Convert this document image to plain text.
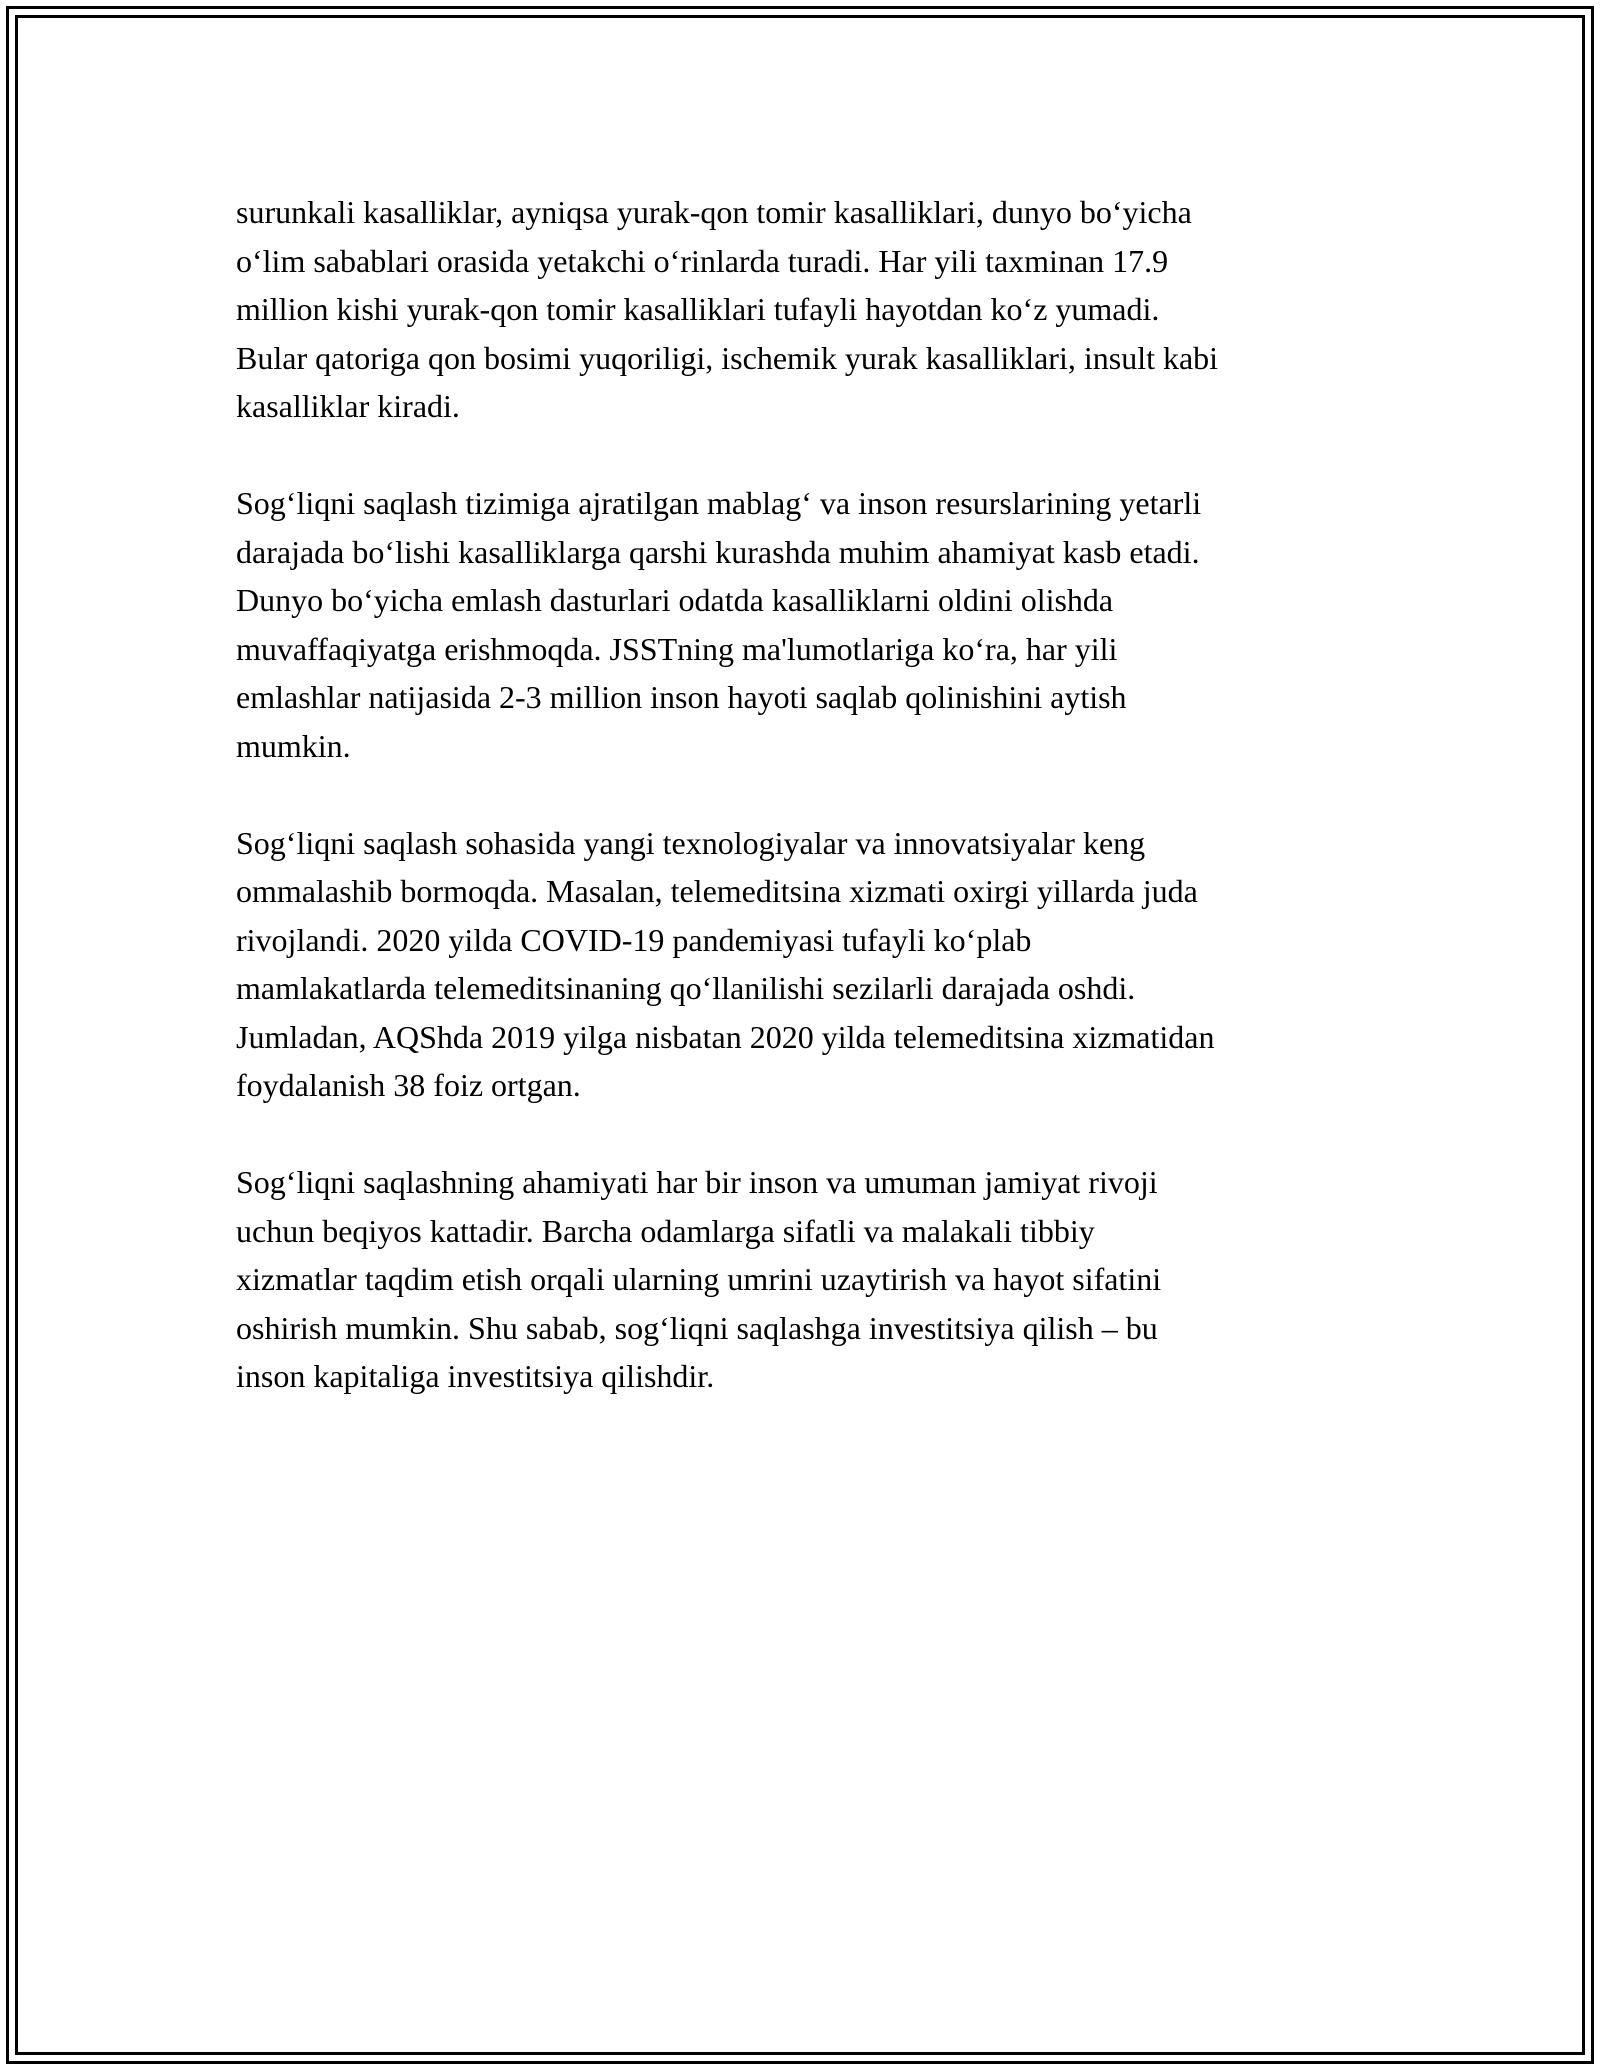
surunkali kasalliklar, ayniqsa yurak-qon tomir kasalliklari, dunyo bo‘yicha
o‘lim sabablari orasida yetakchi o‘rinlarda turadi. Har yili taxminan 17.9
million kishi yurak-qon tomir kasalliklari tufayli hayotdan ko‘z yumadi.
Bular qatoriga qon bosimi yuqoriligi, ischemik yurak kasalliklari, insult kabi
kasalliklar kiradi.

Sog‘liqni saqlash tizimiga ajratilgan mablag‘ va inson resurslarining yetarli
darajada bo‘lishi kasalliklarga qarshi kurashda muhim ahamiyat kasb etadi.
Dunyo bo‘yicha emlash dasturlari odatda kasalliklarni oldini olishda
muvaffaqiyatga erishmoqda. JSSTning ma'lumotlariga ko‘ra, har yili
emlashlar natijasida 2-3 million inson hayoti saqlab qolinishini aytish
mumkin.

Sog‘liqni saqlash sohasida yangi texnologiyalar va innovatsiyalar keng
ommalashib bormoqda. Masalan, telemeditsina xizmati oxirgi yillarda juda
rivojlandi. 2020 yilda COVID-19 pandemiyasi tufayli ko‘plab
mamlakatlarda telemeditsinaning qo‘llanilishi sezilarli darajada oshdi.
Jumladan, AQShda 2019 yilga nisbatan 2020 yilda telemeditsina xizmatidan
foydalanish 38 foiz ortgan.

Sog‘liqni saqlashning ahamiyati har bir inson va umuman jamiyat rivoji
uchun beqiyos kattadir. Barcha odamlarga sifatli va malakali tibbiy
xizmatlar taqdim etish orqali ularning umrini uzaytirish va hayot sifatini
oshirish mumkin. Shu sabab, sog‘liqni saqlashga investitsiya qilish – bu
inson kapitaliga investitsiya qilishdir.
